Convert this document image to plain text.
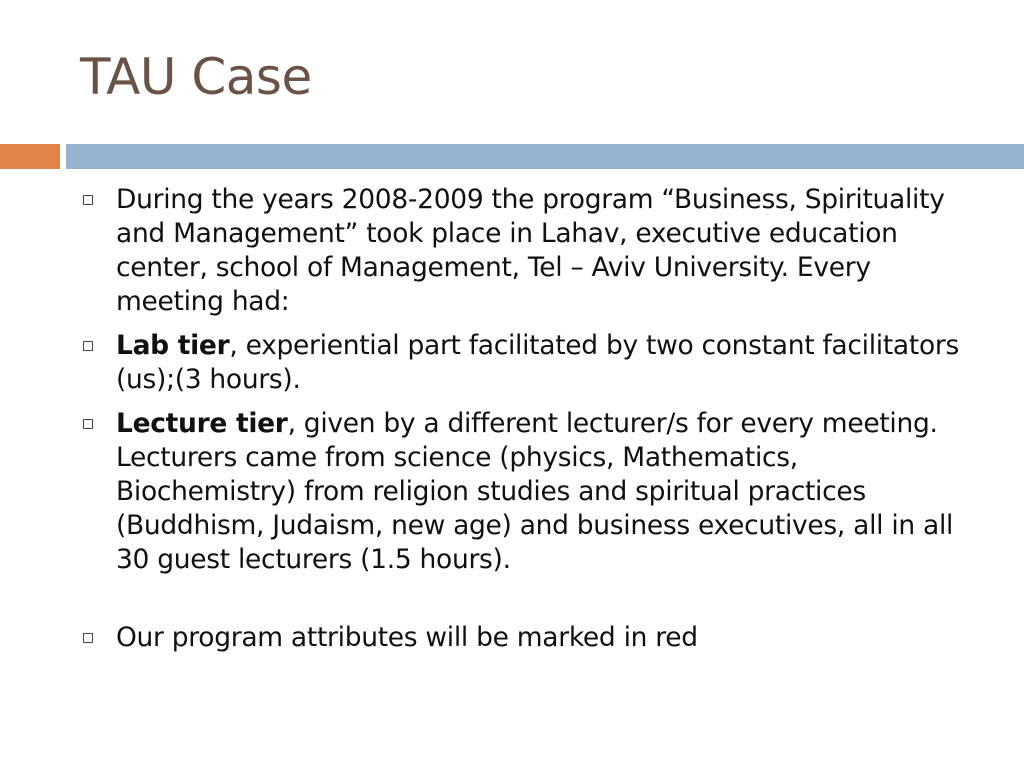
TAU Case
During the years 2008-2009 the program “Business, Spirituality and Management” took place in Lahav, executive education center, school of Management, Tel – Aviv University. Every meeting had:
Lab tier, experiential part facilitated by two constant facilitators (us);(3 hours).
Lecture tier, given by a different lecturer/s for every meeting. Lecturers came from science (physics, Mathematics, Biochemistry) from religion studies and spiritual practices (Buddhism, Judaism, new age) and business executives, all in all 30 guest lecturers (1.5 hours).
Our program attributes will be marked in red
